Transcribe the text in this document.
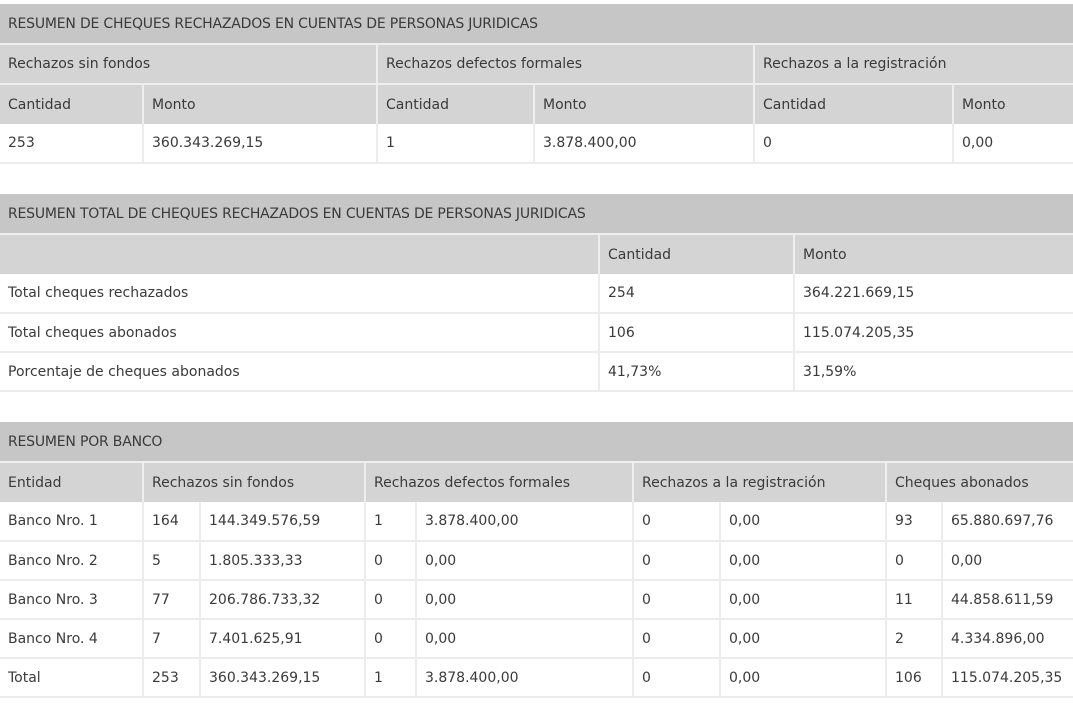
RESUMEN DE CHEQUES RECHAZADOS EN CUENTAS DE PERSONAS JURIDICAS					
Rechazos sin fondos		Rechazos defectos formales		Rechazos a la registración	
Cantidad	Monto	Cantidad	Monto	Cantidad	Monto
253	360.343.269,15	1	3.878.400,00	0	0,00
RESUMEN TOTAL DE CHEQUES RECHAZADOS EN CUENTAS DE PERSONAS JURIDICAS		
	Cantidad	Monto
Total cheques rechazados	254	364.221.669,15
Total cheques abonados	106	115.074.205,35
Porcentaje de cheques abonados	41,73%	31,59%
RESUMEN POR BANCO								
Entidad	Rechazos sin fondos		Rechazos defectos formales		Rechazos a la registración		Cheques abonados	
Banco Nro. 1	164	144.349.576,59	1	3.878.400,00	0	0,00	93	65.880.697,76
Banco Nro. 2	5	1.805.333,33	0	0,00	0	0,00	0	0,00
Banco Nro. 3	77	206.786.733,32	0	0,00	0	0,00	11	44.858.611,59
Banco Nro. 4	7	7.401.625,91	0	0,00	0	0,00	2	4.334.896,00
Total	253	360.343.269,15	1	3.878.400,00	0	0,00	106	115.074.205,35
